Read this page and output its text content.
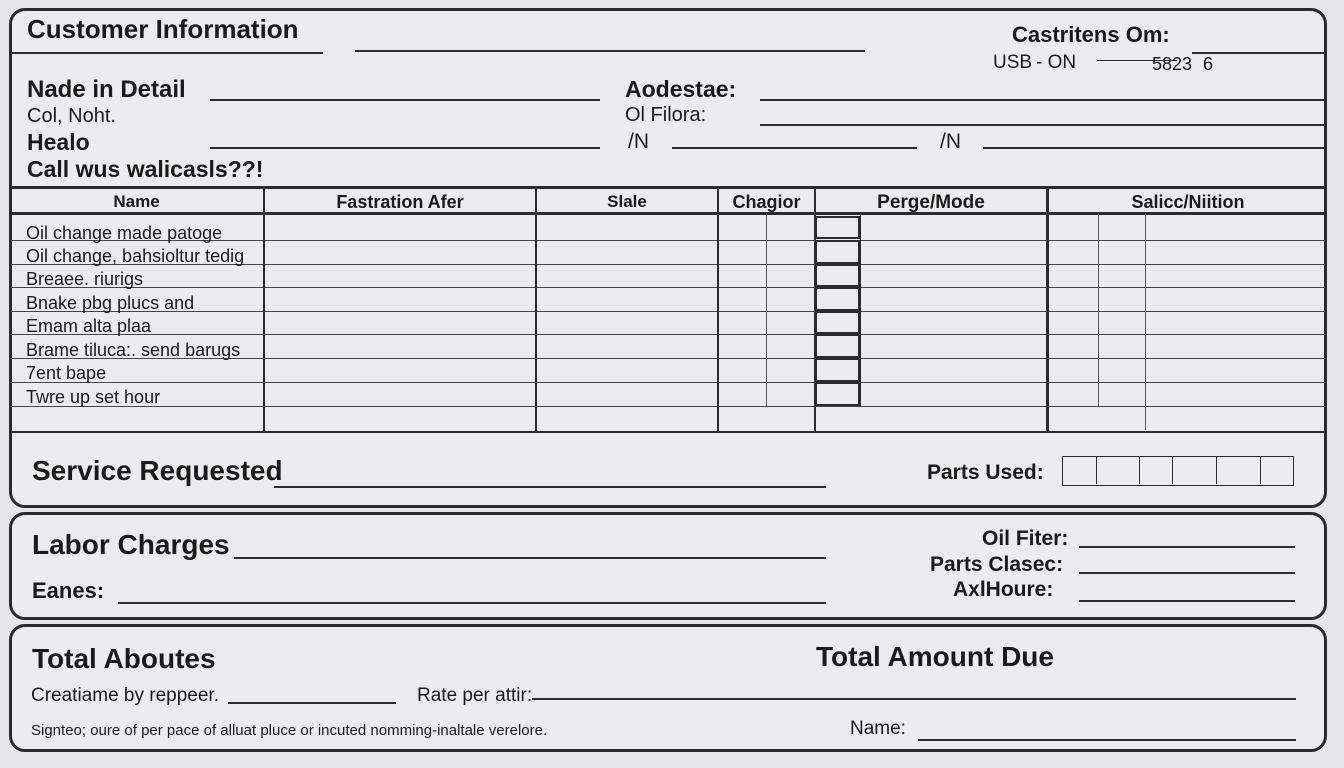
Customer Information	Castritens Om:
USB - ON	5823 6
Nade in Detail
Col, Noht.
Healo
Call wus walicasls??!
Aodestae:
Ol Filora:
/N	/N
Name	Fastration Afer	Slale	Chagior	Perge/Mode	Salicc/Niition
Oil change made patoge
Oil change, bahsioltur tedig
Breaee. riurigs
Bnake pbg plucs and
Emam alta plaa
Brame tiluca:. send barugs
7ent bape
Twre up set hour
Service Requested	Parts Used:
Labor Charges
Eanes:
Oil Fiter:
Parts Clasec:
AxlHoure:
Total Aboutes	Total Amount Due
Creatiame by reppeer.	Rate per attir:
Signteo; oure of per pace of alluat pluce or incuted nomming-inaltale verelore.	Name:
